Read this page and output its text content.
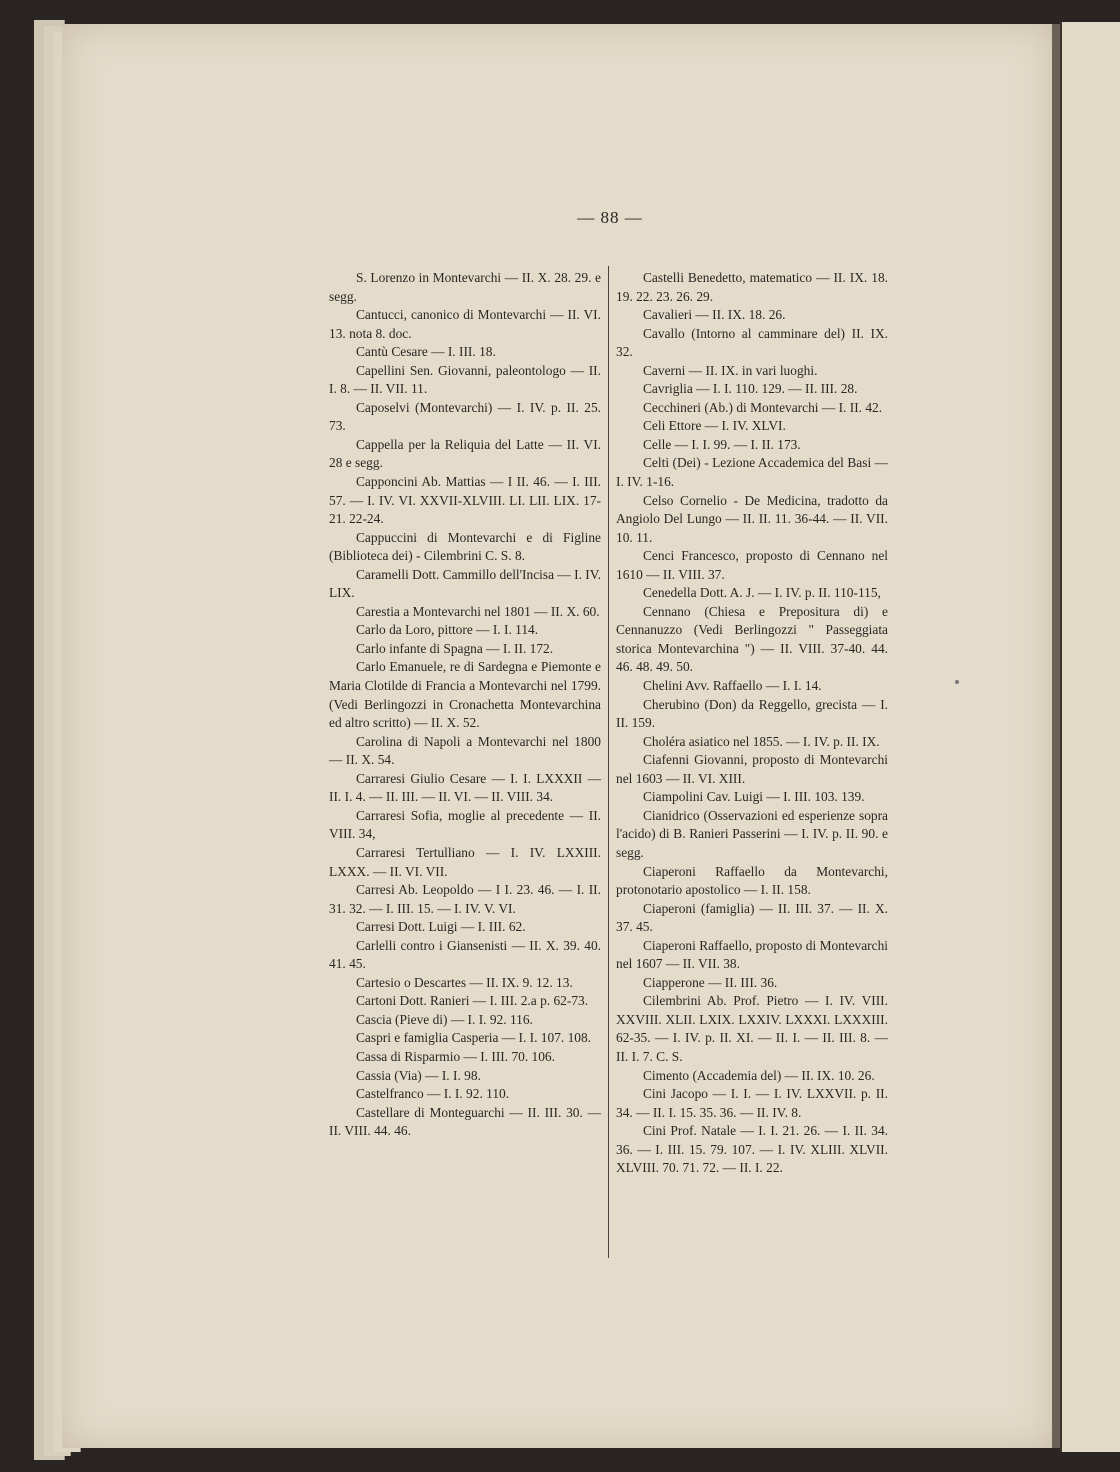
— 88 —

S. Lorenzo in Montevarchi — II. X. 28. 29. e segg.

Cantucci, canonico di Montevarchi — II. VI. 13. nota 8. doc.

Cantù Cesare — I. III. 18.

Capellini Sen. Giovanni, paleontologo — II. I. 8. — II. VII. 11.

Caposelvi (Montevarchi) — I. IV. p. II. 25. 73.

Cappella per la Reliquia del Latte — II. VI. 28 e segg.

Capponcini Ab. Mattias — I II. 46. — I. III. 57. — I. IV. VI. XXVII-XLVIII. LI. LII. LIX. 17-21. 22-24.

Cappuccini di Montevarchi e di Figline (Biblioteca dei) - Cilembrini C. S. 8.

Caramelli Dott. Cammillo dell'Incisa — I. IV. LIX.

Carestia a Montevarchi nel 1801 — II. X. 60.

Carlo da Loro, pittore — I. I. 114.

Carlo infante di Spagna — I. II. 172.

Carlo Emanuele, re di Sardegna e Piemonte e Maria Clotilde di Francia a Montevarchi nel 1799. (Vedi Berlingozzi in Cronachetta Montevarchina ed altro scritto) — II. X. 52.

Carolina di Napoli a Montevarchi nel 1800 — II. X. 54.

Carraresi Giulio Cesare — I. I. LXXXII — II. I. 4. — II. III. — II. VI. — II. VIII. 34.

Carraresi Sofia, moglie al precedente — II. VIII. 34,

Carraresi Tertulliano — I. IV. LXXIII. LXXX. — II. VI. VII.

Carresi Ab. Leopoldo — I I. 23. 46. — I. II. 31. 32. — I. III. 15. — I. IV. V. VI.

Carresi Dott. Luigi — I. III. 62.

Carlelli contro i Giansenisti — II. X. 39. 40. 41. 45.

Cartesio o Descartes — II. IX. 9. 12. 13.

Cartoni Dott. Ranieri — I. III. 2.a p. 62-73.

Cascia (Pieve di) — I. I. 92. 116.

Caspri e famiglia Casperia — I. I. 107. 108.

Cassa di Risparmio — I. III. 70. 106.

Cassia (Via) — I. I. 98.

Castelfranco — I. I. 92. 110.

Castellare di Monteguarchi — II. III. 30. — II. VIII. 44. 46.

Castelli Benedetto, matematico — II. IX. 18. 19. 22. 23. 26. 29.

Cavalieri — II. IX. 18. 26.

Cavallo (Intorno al camminare del) II. IX. 32.

Caverni — II. IX. in vari luoghi.

Cavriglia — I. I. 110. 129. — II. III. 28.

Cecchineri (Ab.) di Montevarchi — I. II. 42.

Celi Ettore — I. IV. XLVI.

Celle — I. I. 99. — I. II. 173.

Celti (Dei) - Lezione Accademica del Basi — I. IV. 1-16.

Celso Cornelio - De Medicina, tradotto da Angiolo Del Lungo — II. II. 11. 36-44. — II. VII. 10. 11.

Cenci Francesco, proposto di Cennano nel 1610 — II. VIII. 37.

Cenedella Dott. A. J. — I. IV. p. II. 110-115,

Cennano (Chiesa e Prepositura di) e Cennanuzzo (Vedi Berlingozzi " Passeggiata storica Montevarchina ") — II. VIII. 37-40. 44. 46. 48. 49. 50.

Chelini Avv. Raffaello — I. I. 14.

Cherubino (Don) da Reggello, grecista — I. II. 159.

Choléra asiatico nel 1855. — I. IV. p. II. IX.

Ciafenni Giovanni, proposto di Montevarchi nel 1603 — II. VI. XIII.

Ciampolini Cav. Luigi — I. III. 103. 139.

Cianidrico (Osservazioni ed esperienze sopra l'acido) di B. Ranieri Passerini — I. IV. p. II. 90. e segg.

Ciaperoni Raffaello da Montevarchi, protonotario apostolico — I. II. 158.

Ciaperoni (famiglia) — II. III. 37. — II. X. 37. 45.

Ciaperoni Raffaello, proposto di Montevarchi nel 1607 — II. VII. 38.

Ciapperone — II. III. 36.

Cilembrini Ab. Prof. Pietro — I. IV. VIII. XXVIII. XLII. LXIX. LXXIV. LXXXI. LXXXIII. 62-35. — I. IV. p. II. XI. — II. I. — II. III. 8. — II. I. 7. C. S.

Cimento (Accademia del) — II. IX. 10. 26.

Cini Jacopo — I. I. — I. IV. LXXVII. p. II. 34. — II. I. 15. 35. 36. — II. IV. 8.

Cini Prof. Natale — I. I. 21. 26. — I. II. 34. 36. — I. III. 15. 79. 107. — I. IV. XLIII. XLVII. XLVIII. 70. 71. 72. — II. I. 22.
